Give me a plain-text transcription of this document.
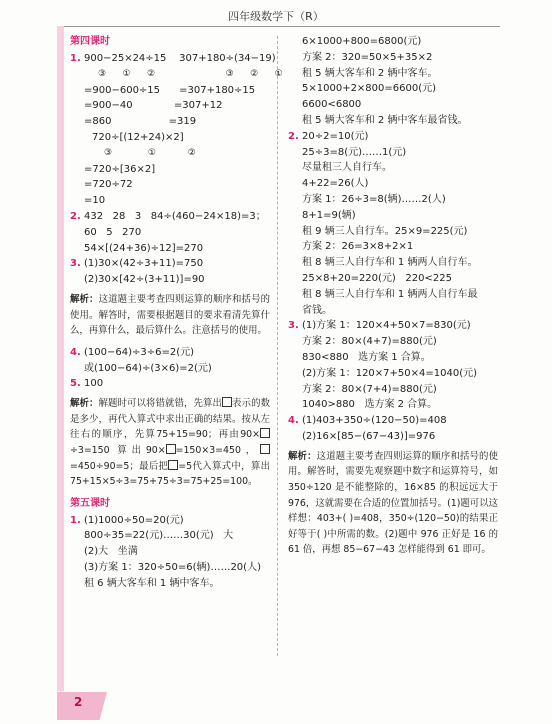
四年级数学下（R）
第四课时
1. 900−25×24÷15    307+180÷(34−19)
③    ①    ②                  ③    ②    ①
=900−600÷15      =307+180÷15
=900−40             =307+12
=860                  =319
720÷[(12+24)×2]
③         ①        ②
=720÷[36×2]
=720÷72
=10
2. 432   28   3   84÷(460−24×18)=3；
60   5   270
54×[(24+36)÷12]=270
3. (1)30×(42÷3+11)=750
(2)30×[42÷(3+11)]=90
解析：这道题主要考查四则运算的顺序和括号的使用。解答时，需要根据题目的要求看清先算什么，再算什么，最后算什么。注意括号的使用。
4. (100−64)÷3÷6=2(元)
或(100−64)÷(3×6)=2(元)
5. 100
解析：解题时可以将错就错，先算出 表示的数是多少，再代入算式中求出正确的结果。按从左往右的顺序，先算75+15=90；再由90×÷3=150 算出90× =150×3=450，=450÷90=5；最后把 =5代入算式中，算出75+15×5÷3=75+75÷3=75+25=100。
第五课时
1. (1)1000÷50=20(元)
800÷35=22(元)……30(元)   大
(2)大   坐满
(3)方案 1：320÷50=6(辆)……20(人)
租 6 辆大客车和 1 辆中客车。
6×1000+800=6800(元)
方案 2：320=50×5+35×2
租 5 辆大客车和 2 辆中客车。
5×1000+2×800=6600(元)
6600<6800
租 5 辆大客车和 2 辆中客车最省钱。
2. 20÷2=10(元)
25÷3=8(元)……1(元)
尽量租三人自行车。
4+22=26(人)
方案 1：26÷3=8(辆)……2(人)
8+1=9(辆)
租 9 辆三人自行车。25×9=225(元)
方案 2：26=3×8+2×1
租 8 辆三人自行车和 1 辆两人自行车。
25×8+20=220(元)   220<225
租 8 辆三人自行车和 1 辆两人自行车最
省钱。
3. (1)方案 1：120×4+50×7=830(元)
方案 2：80×(4+7)=880(元)
830<880   选方案 1 合算。
(2)方案 1：120×7+50×4=1040(元)
方案 2：80×(7+4)=880(元)
1040>880   选方案 2 合算。
4. (1)403+350÷(120−50)=408
(2)16×[85−(67−43)]=976
解析：这道题主要考查四则运算的顺序和括号的使用。解答时，需要先观察题中数字和运算符号，如 350÷120 是不能整除的，16×85 的积远远大于 976，这就需要在合适的位置加括号。(1)题可以这样想：403+( )=408，350÷(120−50)的结果正好等于( )中所需的数。(2)题中 976 正好是 16 的 61 倍，再想 85−67−43 怎样能得到 61 即可。
2
